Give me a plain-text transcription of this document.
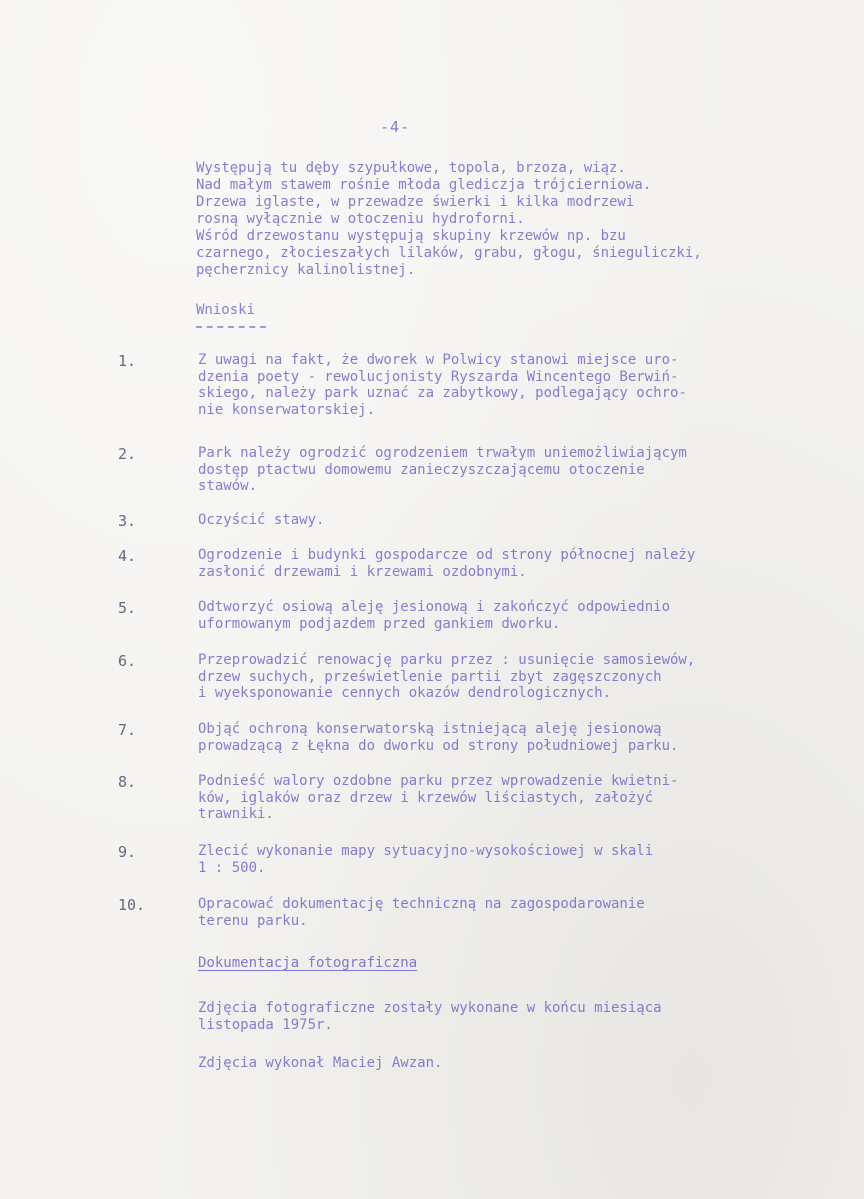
-4-
Występują tu dęby szypułkowe, topola, brzoza, wiąz.
Nad małym stawem rośnie młoda glediczja trójcierniowa.
Drzewa iglaste, w przewadze świerki i kilka modrzewi
rosną wyłącznie w otoczeniu hydroforni.
Wśród drzewostanu występują skupiny krzewów np. bzu
czarnego, złocieszałych lilaków, grabu, głogu, śnieguliczki,
pęcherznicy kalinolistnej.
Wnioski
1.	Z uwagi na fakt, że dworek w Polwicy stanowi miejsce uro-
dzenia poety - rewolucjonisty Ryszarda Wincentego Berwiń-
skiego, należy park uznać za zabytkowy, podlegający ochro-
nie konserwatorskiej.
2.	Park należy ogrodzić ogrodzeniem trwałym uniemożliwiającym
dostęp ptactwu domowemu zanieczyszczającemu otoczenie
stawów.
3.	Oczyścić stawy.
4.	Ogrodzenie i budynki gospodarcze od strony północnej należy
zasłonić drzewami i krzewami ozdobnymi.
5.	Odtworzyć osiową aleję jesionową i zakończyć odpowiednio
uformowanym podjazdem przed gankiem dworku.
6.	Przeprowadzić renowację parku przez : usunięcie samosiewów,
drzew suchych, prześwietlenie partii zbyt zagęszczonych
i wyeksponowanie cennych okazów dendrologicznych.
7.	Objąć ochroną konserwatorską istniejącą aleję jesionową
prowadzącą z Łękna do dworku od strony południowej parku.
8.	Podnieść walory ozdobne parku przez wprowadzenie kwietni-
ków, iglaków oraz drzew i krzewów liściastych, założyć
trawniki.
9.	Zlecić wykonanie mapy sytuacyjno-wysokościowej w skali
1 : 500.
10.	Opracować dokumentację techniczną na zagospodarowanie
terenu parku.
Dokumentacja fotograficzna
Zdjęcia fotograficzne zostały wykonane w końcu miesiąca
listopada 1975r.
Zdjęcia wykonał Maciej Awzan.
